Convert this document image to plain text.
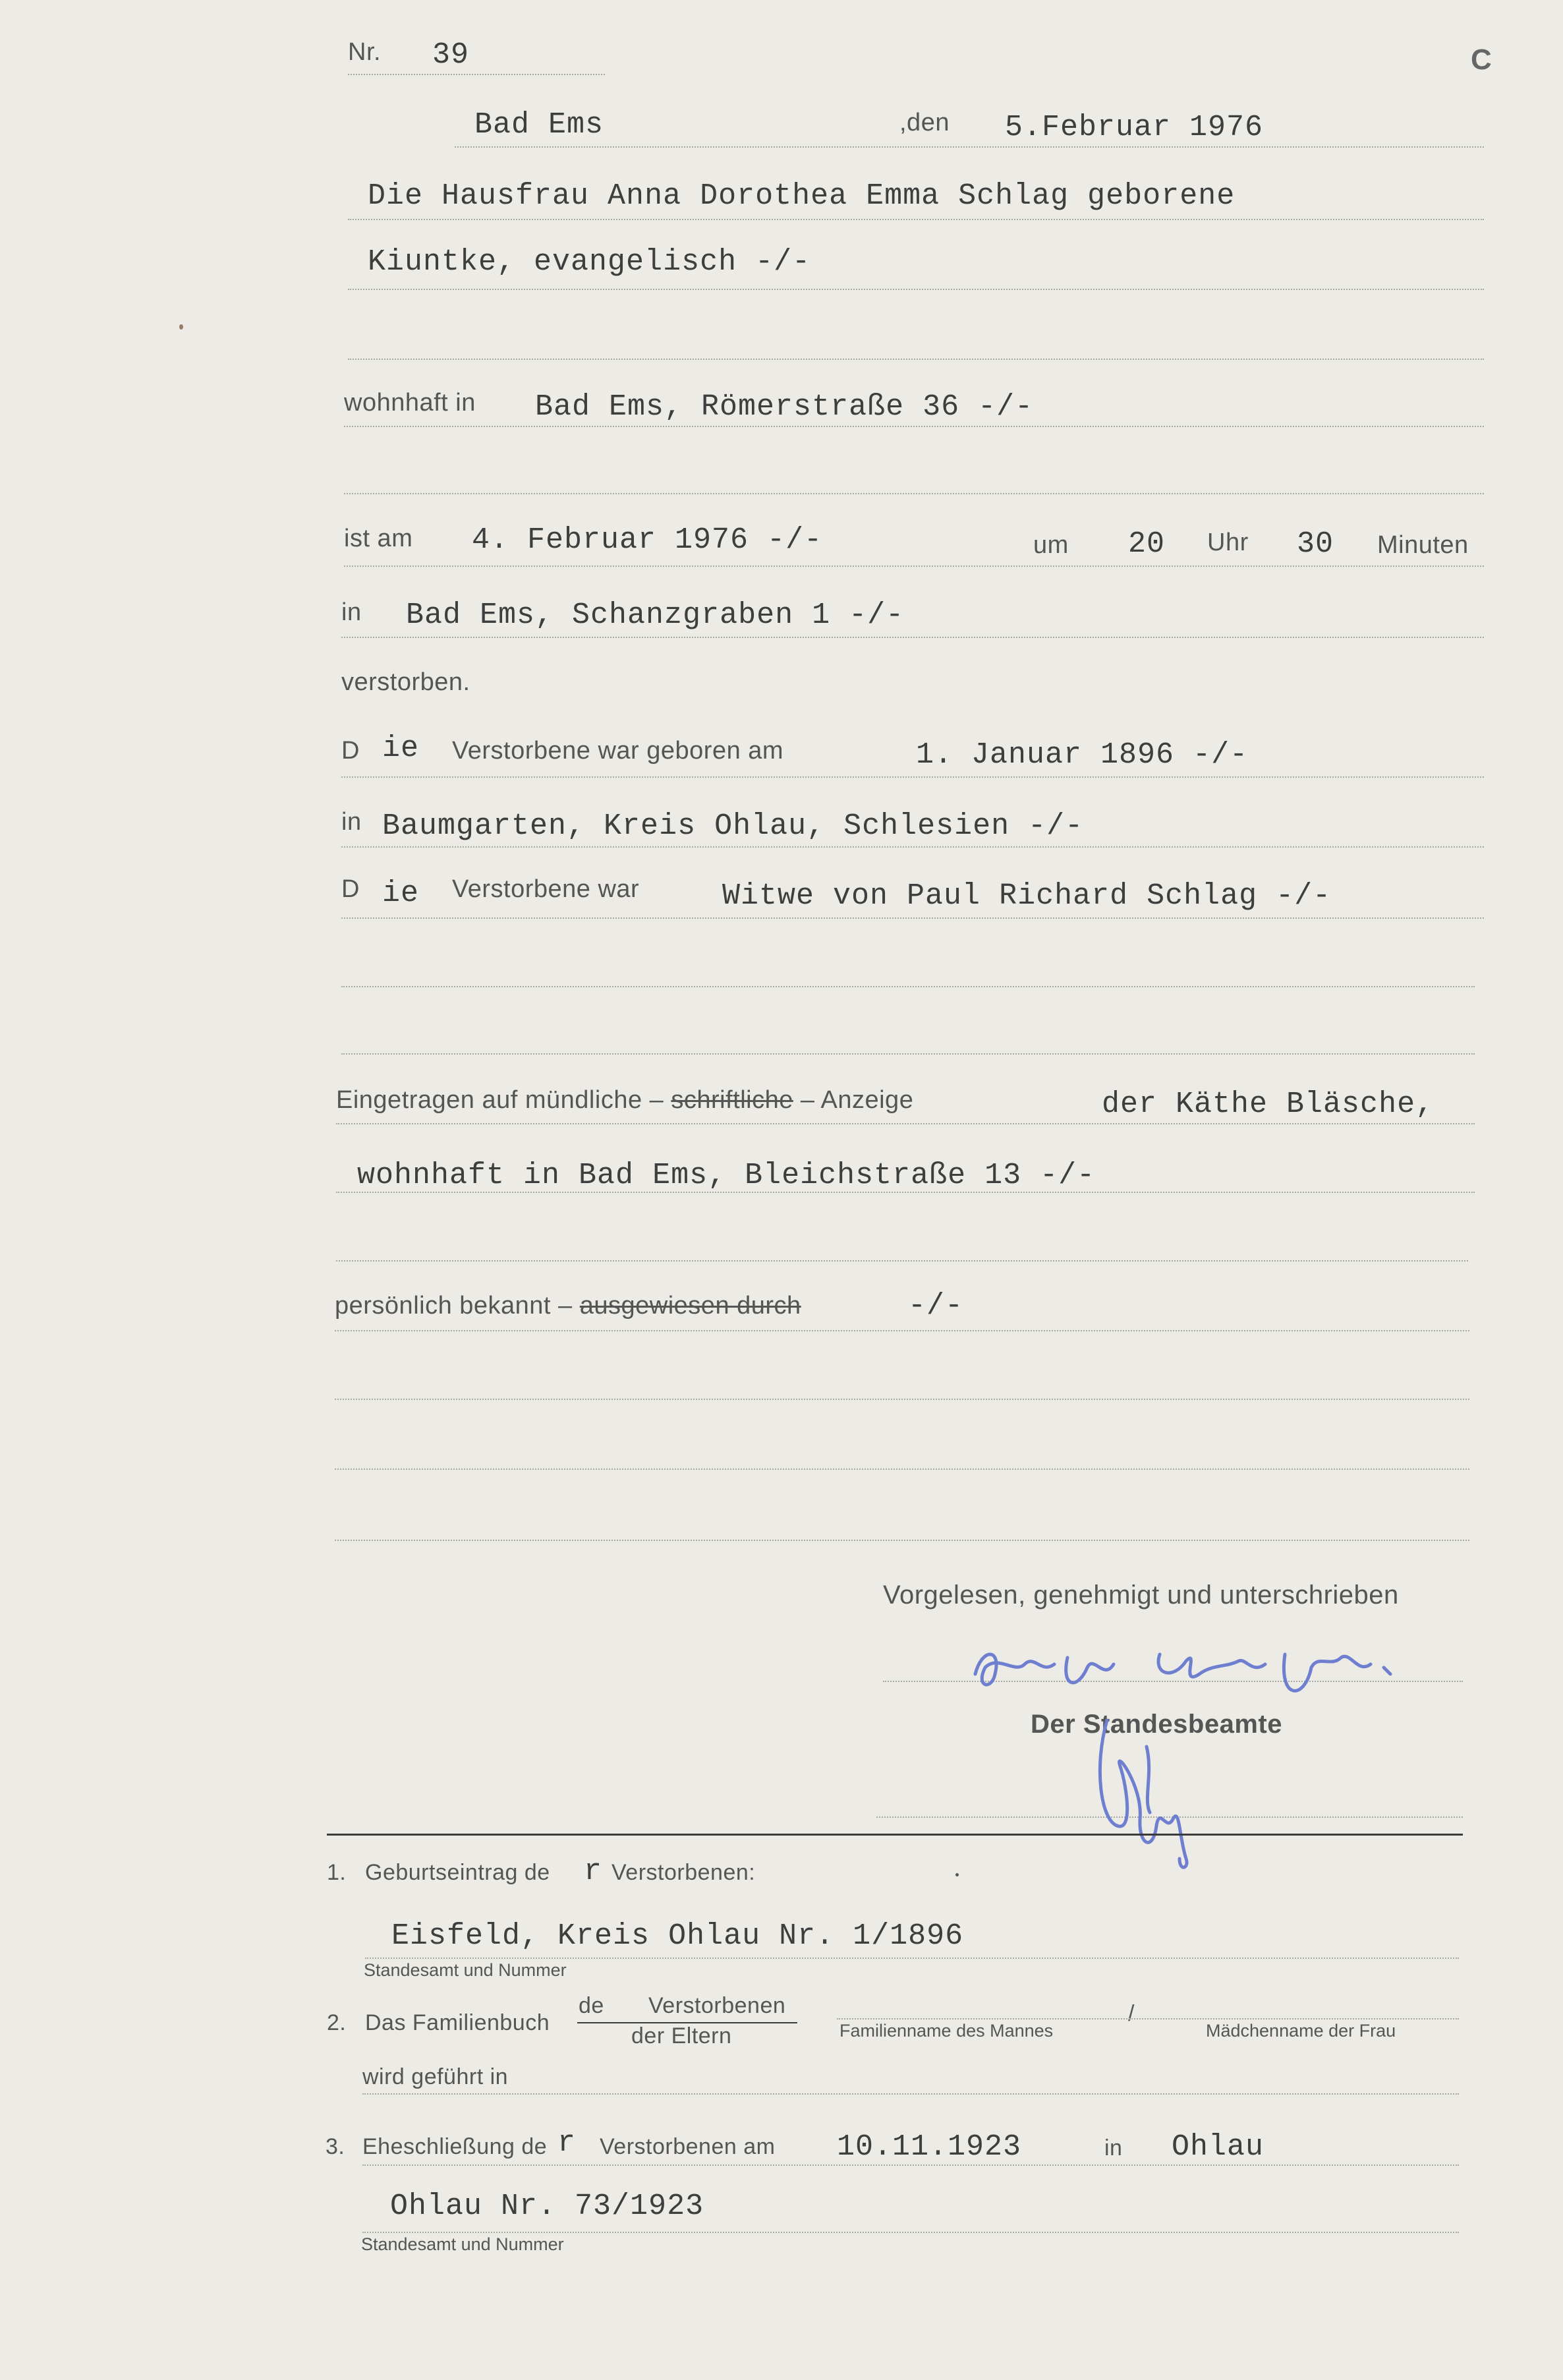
C
Nr. 39
Bad Ems	,den 5.Februar 1976
Die Hausfrau Anna Dorothea Emma Schlag geborene
Kiuntke, evangelisch -/-
wohnhaft in Bad Ems, Römerstraße 36 -/-
ist am 4. Februar 1976 -/-	um 20 Uhr 30 Minuten
in Bad Ems, Schanzgraben 1 -/-
verstorben.
D ie Verstorbene war geboren am	1. Januar 1896 -/-
in Baumgarten, Kreis Ohlau, Schlesien -/-
D ie Verstorbene war	Witwe von Paul Richard Schlag -/-
Eingetragen auf mündliche – schriftliche – Anzeige	der Käthe Bläsche,
wohnhaft in Bad Ems, Bleichstraße 13 -/-
persönlich bekannt – ausgewiesen durch	-/-
Vorgelesen, genehmigt und unterschrieben
Der Standesbeamte
1. Geburtseintrag de r Verstorbenen:
Eisfeld, Kreis Ohlau Nr. 1/1896
Standesamt und Nummer
2. Das Familienbuch
de Verstorbenen
der Eltern	Familienname des Mannes
/
Mädchenname der Frau
wird geführt in
3. Eheschließung de r Verstorbenen am 10.11.1923	in Ohlau
Ohlau Nr. 73/1923
Standesamt und Nummer
